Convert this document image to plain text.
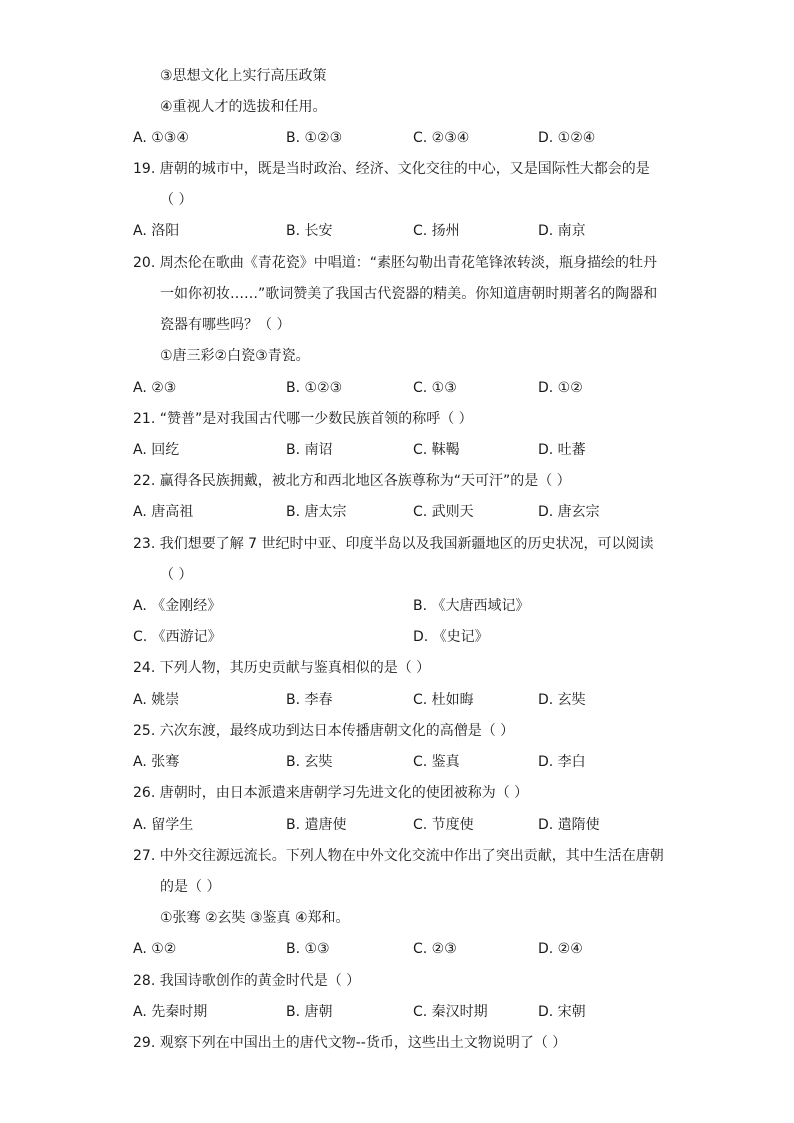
③思想文化上实行高压政策
④重视人才的选拔和任用。
A. ①③④	B. ①②③	C. ②③④	D. ①②④
19. 唐朝的城市中，既是当时政治、经济、文化交往的中心，又是国际性大都会的是
（ ）
A. 洛阳	B. 长安	C. 扬州	D. 南京
20. 周杰伦在歌曲《青花瓷》中唱道：“素胚勾勒出青花笔锋浓转淡，瓶身描绘的牡丹
一如你初妆……”歌词赞美了我国古代瓷器的精美。你知道唐朝时期著名的陶器和
瓷器有哪些吗？（ ）
①唐三彩②白瓷③青瓷。
A. ②③	B. ①②③	C. ①③	D. ①②
21. “赞普”是对我国古代哪一少数民族首领的称呼（ ）
A. 回纥	B. 南诏	C. 靺鞨	D. 吐蕃
22. 赢得各民族拥戴，被北方和西北地区各族尊称为“天可汗”的是（ ）
A. 唐高祖	B. 唐太宗	C. 武则天	D. 唐玄宗
23. 我们想要了解 7 世纪时中亚、印度半岛以及我国新疆地区的历史状况，可以阅读
（ ）
A. 《金刚经》	B. 《大唐西域记》
C. 《西游记》	D. 《史记》
24. 下列人物，其历史贡献与鉴真相似的是（ ）
A. 姚崇	B. 李春	C. 杜如晦	D. 玄奘
25. 六次东渡，最终成功到达日本传播唐朝文化的高僧是（ ）
A. 张骞	B. 玄奘	C. 鉴真	D. 李白
26. 唐朝时，由日本派遣来唐朝学习先进文化的使团被称为（ ）
A. 留学生	B. 遣唐使	C. 节度使	D. 遣隋使
27. 中外交往源远流长。下列人物在中外文化交流中作出了突出贡献，其中生活在唐朝
的是（ ）
①张骞 ②玄奘 ③鉴真 ④郑和。
A. ①②	B. ①③	C. ②③	D. ②④
28. 我国诗歌创作的黄金时代是（ ）
A. 先秦时期	B. 唐朝	C. 秦汉时期	D. 宋朝
29. 观察下列在中国出土的唐代文物--货币，这些出土文物说明了（ ）
